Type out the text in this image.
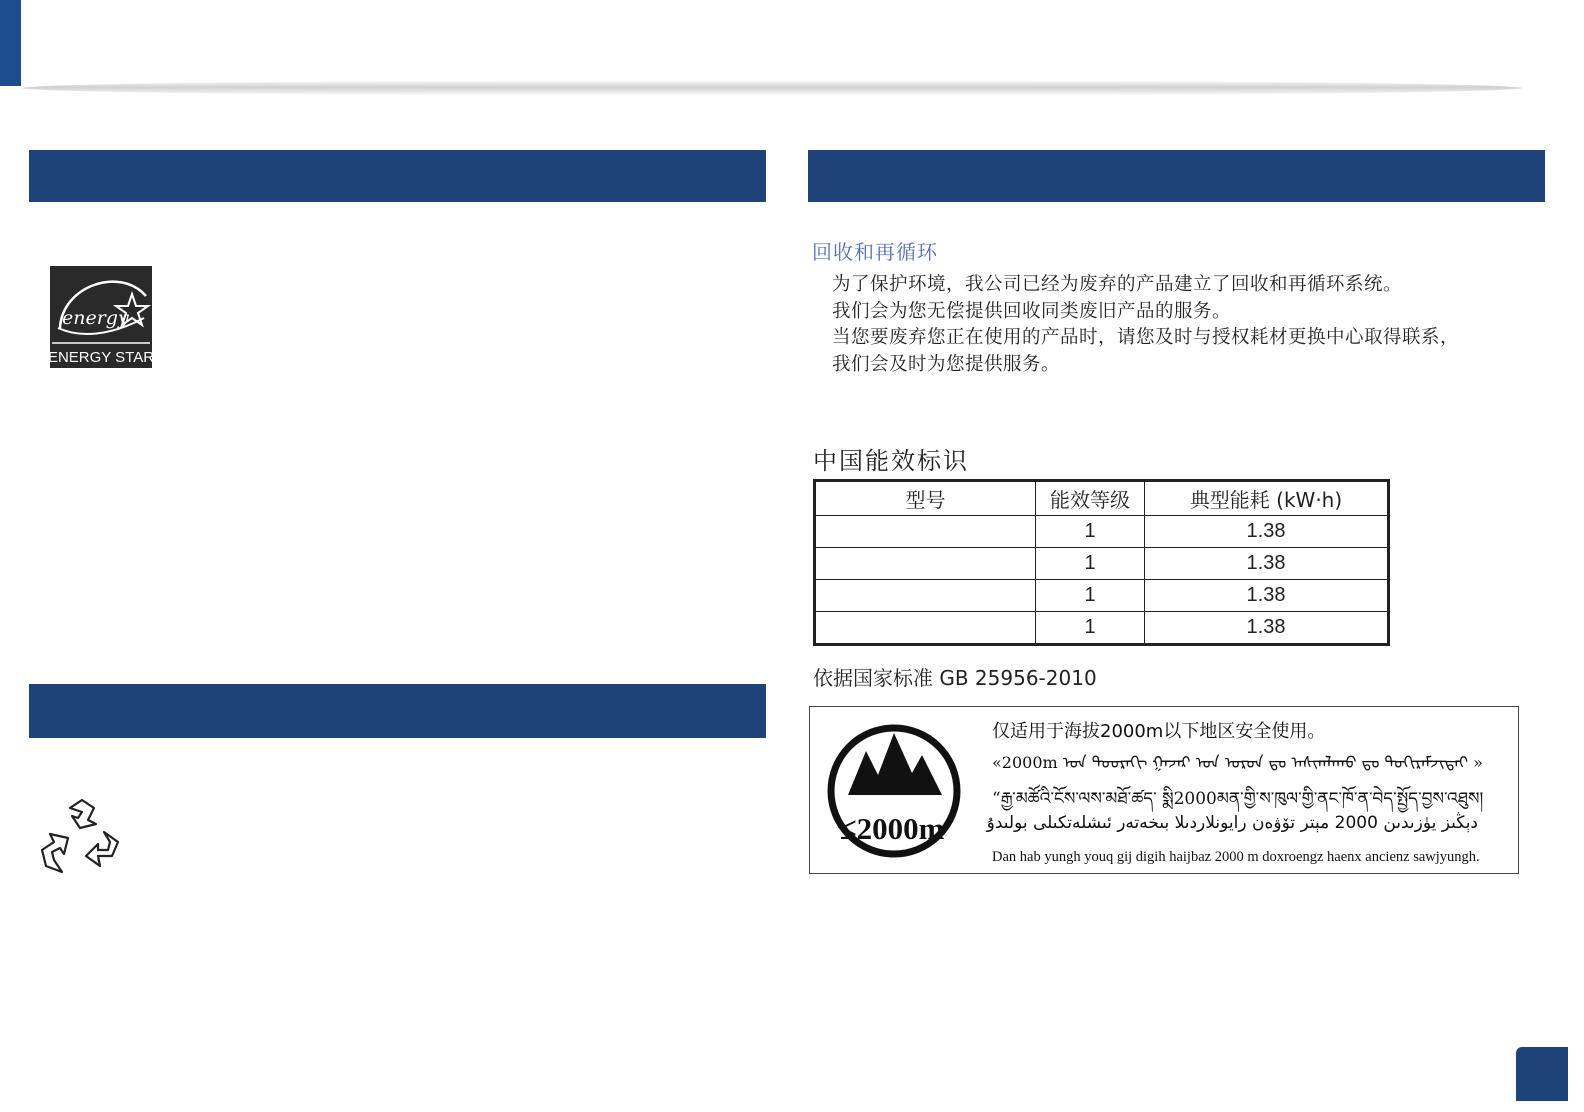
energy
ENERGY STAR
回收和再循环

为了保护环境，我公司已经为废弃的产品建立了回收和再循环系统。

我们会为您无偿提供回收同类废旧产品的服务。

当您要废弃您正在使用的产品时，请您及时与授权耗材更换中心取得联系，

我们会及时为您提供服务。

中国能效标识
型号	能效等级	典型能耗 (kW·h)
	1	1.38
	1	1.38
	1	1.38
	1	1.38
依据国家标准 GB 25956-2010
≤2000m
仅适用于海拔2000m以下地区安全使用。
«2000m ᠤᠨ ᠳᠣᠣᠷᠠᠬᠢ ᠭᠠᠵᠠᠷ ᠤᠨ ᠣᠷᠣᠨ ᠳᠤ ᠠᠰᠢᠭᠯᠠᠬᠤ ᠳᠤ ᠲᠣᠬᠢᠷᠠᠮᠵᠢᠲᠠᠢ »
“རྒྱ་མཚོའི་ངོས་ལས་མཐོ་ཚད་ སྨི2000མན་གྱི་ས་ཁུལ་གྱི་ནང་ཁོ་ན་བེད་སྤྱོད་བྱས་འཐུས།
دېڭىز يۈزىدىن 2000 مېتر تۆۋەن رايونلاردىلا بىخەتەر ئىشلەتكىلى بولىدۇ
Dan hab yungh youq gij digih haijbaz 2000 m doxroengz haenx ancienz sawjyungh.
